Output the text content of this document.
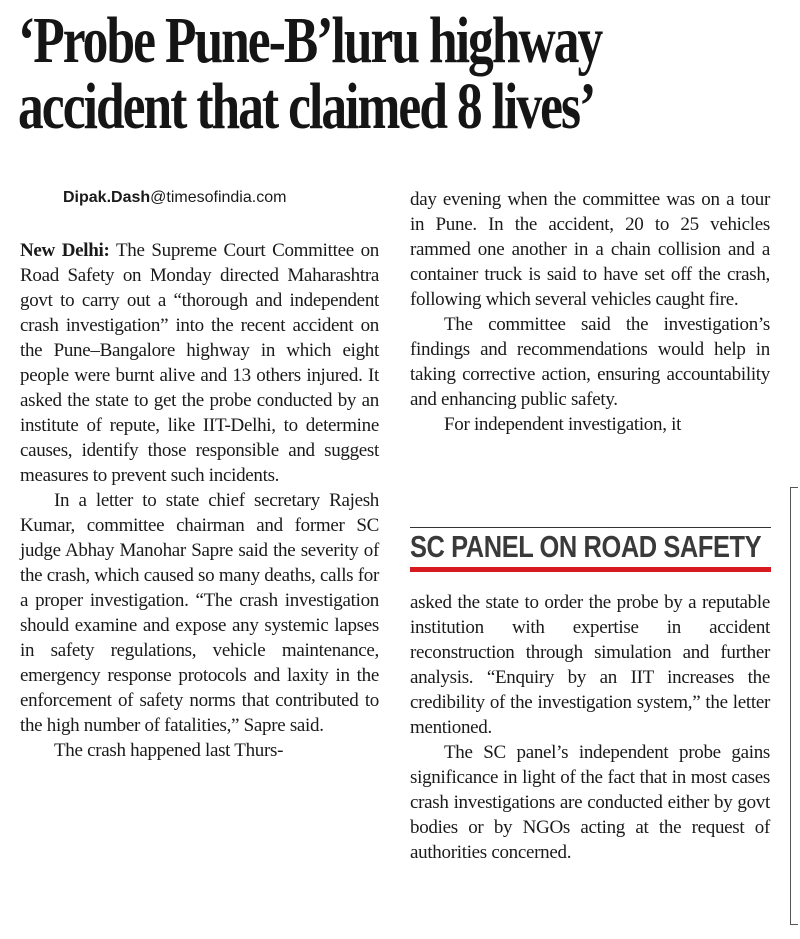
‘Probe Pune-B’luru highway
accident that claimed 8 lives’
Dipak.Dash@timesofindia.com

New Delhi: The Supreme Court Committee on Road Safety on Monday directed Maharashtra govt to carry out a “thorough and independent crash investigation” into the recent accident on the Pune–Bangalore highway in which eight people were burnt alive and 13 others injured. It asked the state to get the probe conducted by an institute of repute, like IIT-Delhi, to determine causes, identify those responsible and suggest measures to prevent such incidents.

In a letter to state chief secretary Rajesh Kumar, committee chairman and former SC judge Abhay Manohar Sapre said the severity of the crash, which caused so many deaths, calls for a proper investigation. “The crash investigation should examine and expose any systemic lapses in safety regulations, vehicle maintenance, emergency response protocols and laxity in the enforcement of safety norms that contributed to the high number of fatalities,” Sapre said.

The crash happened last Thurs-

day evening when the committee was on a tour in Pune. In the accident, 20 to 25 vehicles rammed one another in a chain collision and a container truck is said to have set off the crash, following which several vehicles caught fire.

The committee said the investigation’s findings and recommendations would help in taking corrective action, ensuring accountability and enhancing public safety.

For independent investigation, it

SC PANEL ON ROAD SAFETY

asked the state to order the probe by a reputable institution with expertise in accident reconstruction through simulation and further analysis. “Enquiry by an IIT increases the credibility of the investigation system,” the letter mentioned.

The SC panel’s independent probe gains significance in light of the fact that in most cases crash investigations are conducted either by govt bodies or by NGOs acting at the request of authorities concerned.
